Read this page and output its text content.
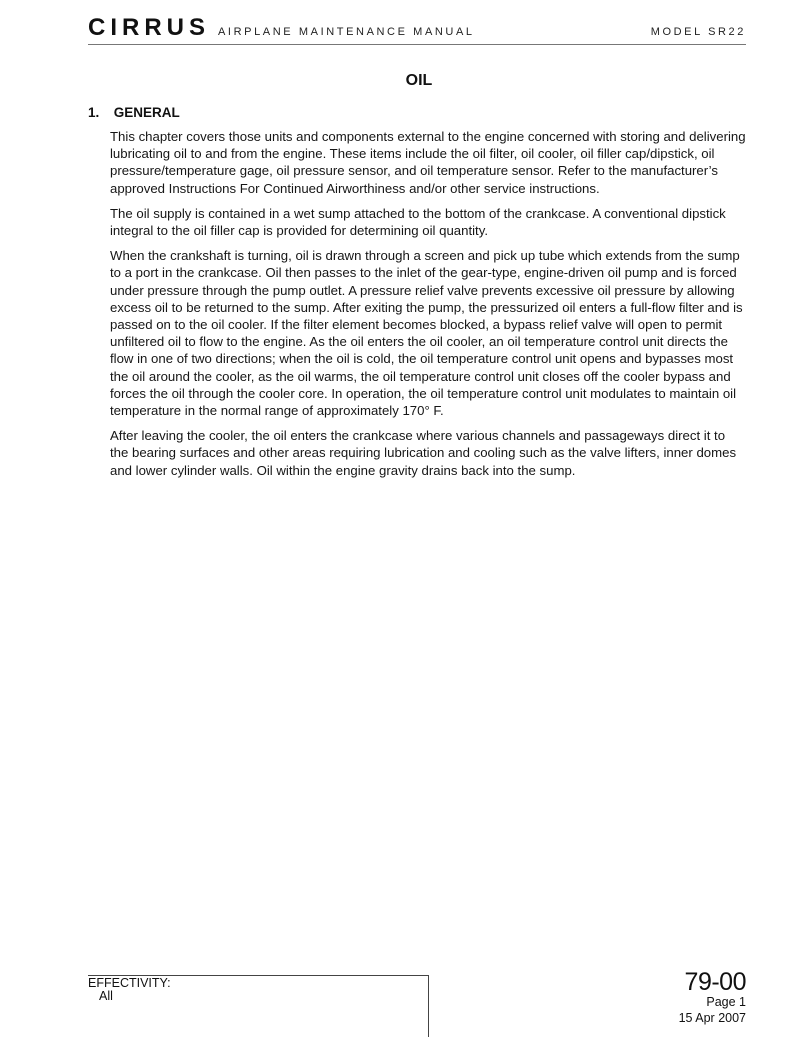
CIRRUS AIRPLANE MAINTENANCE MANUAL	MODEL SR22
OIL
1. GENERAL

This chapter covers those units and components external to the engine concerned with storing and delivering lubricating oil to and from the engine. These items include the oil filter, oil cooler, oil filler cap/dipstick, oil pressure/temperature gage, oil pressure sensor, and oil temperature sensor. Refer to the manufacturer’s approved Instructions For Continued Airworthiness and/or other service instructions.

The oil supply is contained in a wet sump attached to the bottom of the crankcase. A conventional dipstick integral to the oil filler cap is provided for determining oil quantity.

When the crankshaft is turning, oil is drawn through a screen and pick up tube which extends from the sump to a port in the crankcase. Oil then passes to the inlet of the gear-type, engine-driven oil pump and is forced under pressure through the pump outlet. A pressure relief valve prevents excessive oil pressure by allowing excess oil to be returned to the sump. After exiting the pump, the pressurized oil enters a full-flow filter and is passed on to the oil cooler. If the filter element becomes blocked, a bypass relief valve will open to permit unfiltered oil to flow to the engine. As the oil enters the oil cooler, an oil temperature control unit directs the flow in one of two directions; when the oil is cold, the oil temperature control unit opens and bypasses most the oil around the cooler, as the oil warms, the oil temperature control unit closes off the cooler bypass and forces the oil through the cooler core. In operation, the oil temperature control unit modulates to maintain oil temperature in the normal range of approximately 170° F.

After leaving the cooler, the oil enters the crankcase where various channels and passageways direct it to the bearing surfaces and other areas requiring lubrication and cooling such as the valve lifters, inner domes and lower cylinder walls. Oil within the engine gravity drains back into the sump.

EFFECTIVITY:
All	79-00
Page 1
15 Apr 2007
